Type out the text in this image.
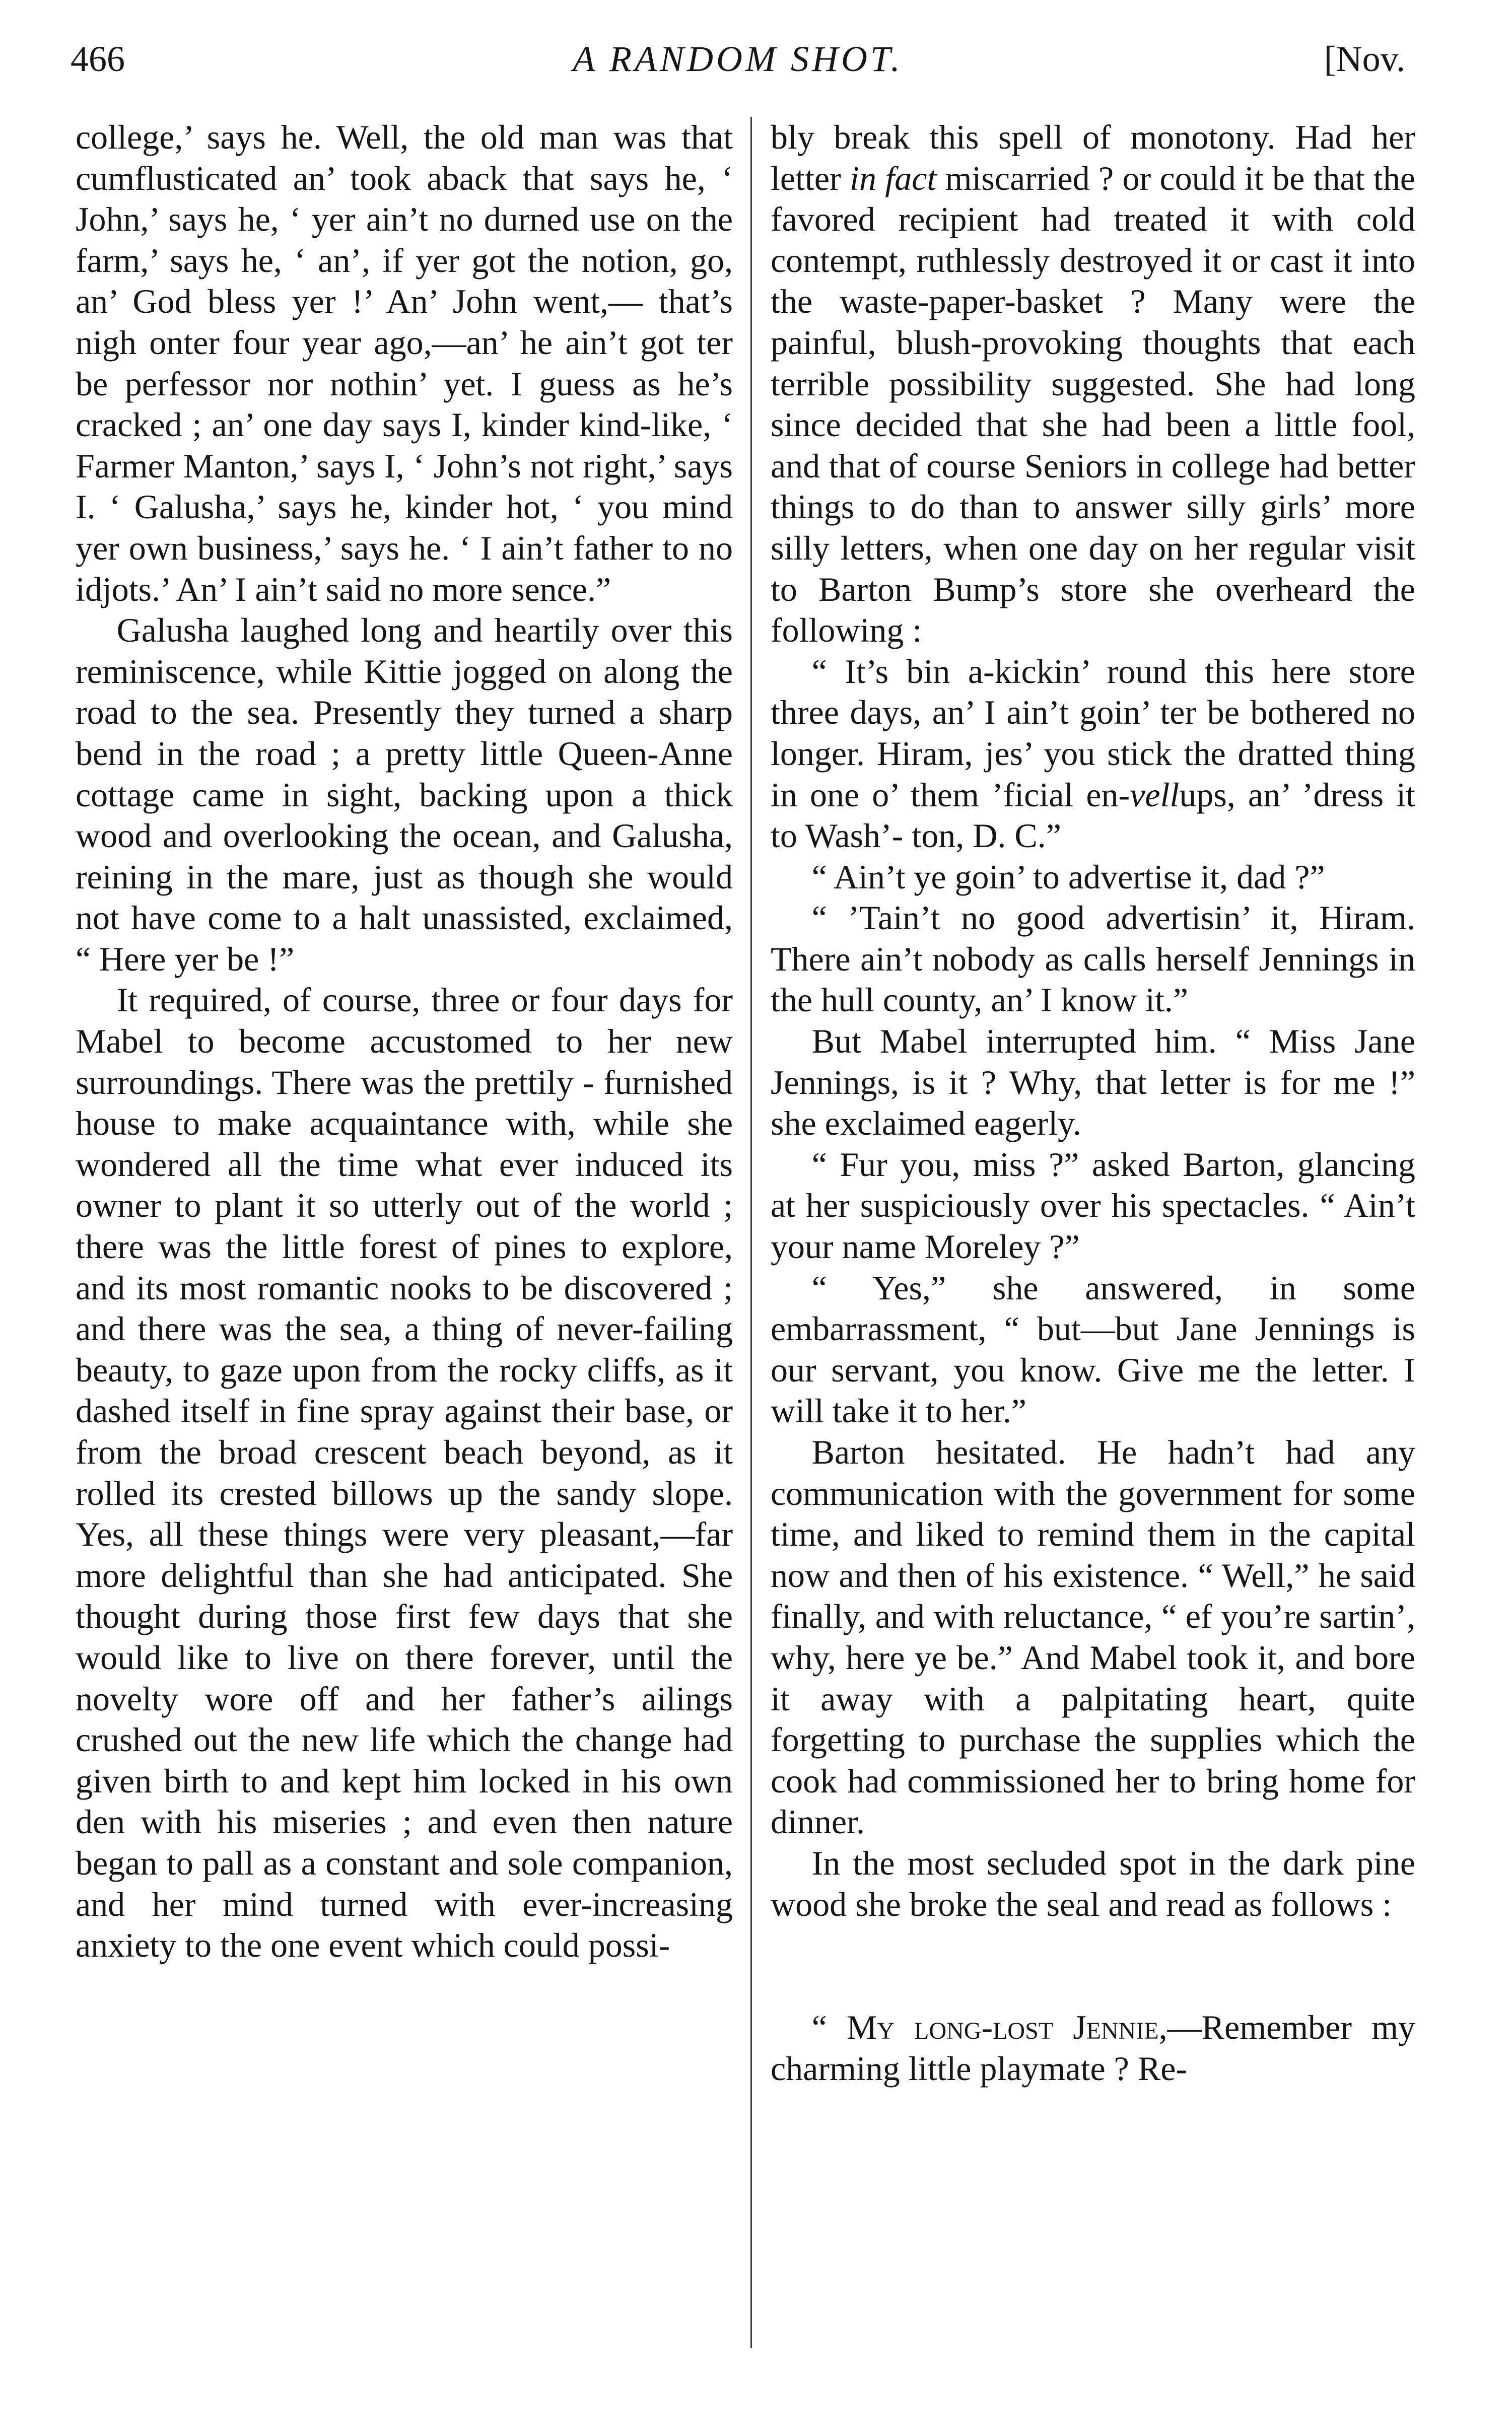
466	A RANDOM SHOT.	[Nov.

college,’ says he. Well, the old man was that cumflusticated an’ took aback that says he, ‘ John,’ says he, ‘ yer ain’t no durned use on the farm,’ says he, ‘ an’, if yer got the notion, go, an’ God bless yer !’ An’ John went,— that’s nigh onter four year ago,—an’ he ain’t got ter be perfessor nor nothin’ yet. I guess as he’s cracked ; an’ one day says I, kinder kind-like, ‘ Farmer Manton,’ says I, ‘ John’s not right,’ says I. ‘ Galusha,’ says he, kinder hot, ‘ you mind yer own business,’ says he. ‘ I ain’t father to no idjots.’ An’ I ain’t said no more sence.”

Galusha laughed long and heartily over this reminiscence, while Kittie jogged on along the road to the sea. Presently they turned a sharp bend in the road ; a pretty little Queen-Anne cottage came in sight, backing upon a thick wood and overlooking the ocean, and Galusha, reining in the mare, just as though she would not have come to a halt unassisted, exclaimed, “ Here yer be !”

It required, of course, three or four days for Mabel to become accustomed to her new surroundings. There was the prettily - furnished house to make acquaintance with, while she wondered all the time what ever induced its owner to plant it so utterly out of the world ; there was the little forest of pines to explore, and its most romantic nooks to be discovered ; and there was the sea, a thing of never-failing beauty, to gaze upon from the rocky cliffs, as it dashed itself in fine spray against their base, or from the broad crescent beach beyond, as it rolled its crested billows up the sandy slope. Yes, all these things were very pleasant,—far more delightful than she had anticipated. She thought during those first few days that she would like to live on there forever, until the novelty wore off and her father’s ailings crushed out the new life which the change had given birth to and kept him locked in his own den with his miseries ; and even then nature began to pall as a constant and sole companion, and her mind turned with ever-increasing anxiety to the one event which could possi-

bly break this spell of monotony. Had her letter in fact miscarried ? or could it be that the favored recipient had treated it with cold contempt, ruthlessly destroyed it or cast it into the waste-paper-basket ? Many were the painful, blush-provoking thoughts that each terrible possibility suggested. She had long since decided that she had been a little fool, and that of course Seniors in college had better things to do than to answer silly girls’ more silly letters, when one day on her regular visit to Barton Bump’s store she overheard the following :

“ It’s bin a-kickin’ round this here store three days, an’ I ain’t goin’ ter be bothered no longer. Hiram, jes’ you stick the dratted thing in one o’ them ’ficial en-vellups, an’ ’dress it to Wash’- ton, D. C.”

“ Ain’t ye goin’ to advertise it, dad ?”

“ ’Tain’t no good advertisin’ it, Hiram. There ain’t nobody as calls herself Jennings in the hull county, an’ I know it.”

But Mabel interrupted him. “ Miss Jane Jennings, is it ? Why, that letter is for me !” she exclaimed eagerly.

“ Fur you, miss ?” asked Barton, glancing at her suspiciously over his spectacles. “ Ain’t your name Moreley ?”

“ Yes,” she answered, in some embarrassment, “ but—but Jane Jennings is our servant, you know. Give me the letter. I will take it to her.”

Barton hesitated. He hadn’t had any communication with the government for some time, and liked to remind them in the capital now and then of his existence. “ Well,” he said finally, and with reluctance, “ ef you’re sartin’, why, here ye be.” And Mabel took it, and bore it away with a palpitating heart, quite forgetting to purchase the supplies which the cook had commissioned her to bring home for dinner.

In the most secluded spot in the dark pine wood she broke the seal and read as follows :

“ My long-lost Jennie,—Remember my charming little playmate ? Re-
